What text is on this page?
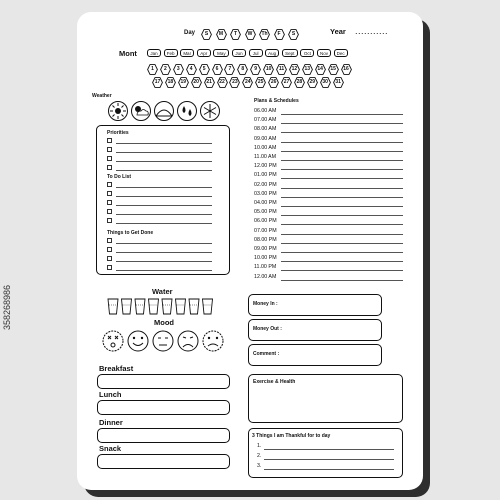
Day S M T W Th F S	Year ...........
Mont	Jan	Feb	Mar	Apr	May	Jun	Jul	Aug	Sept	Oct	Nov	Dec
1 2 3 4 5 6 7 8 9 10 11 12 13 14 15 16
17 18 19 20 21 22 23 24 25 26 27 28 29 30 31
Weather
Priorities
To Do List
Things to Get Done
Water
Mood
Breakfast
Lunch
Dinner
Snack
Plans & Schedules
06.00 AM
07.00 AM
08.00 AM
09.00 AM
10.00 AM
11.00 AM
12.00 PM
01.00 PM
02.00 PM
03.00 PM
04.00 PM
05.00 PM
06.00 PM
07.00 PM
08.00 PM
09.00 PM
10.00 PM
11.00 PM
12.00 AM
Money In :
Money Out :
Comment :
Exercise & Health
3 Things I am Thankful for to day
1.
2.
3.
358268986
